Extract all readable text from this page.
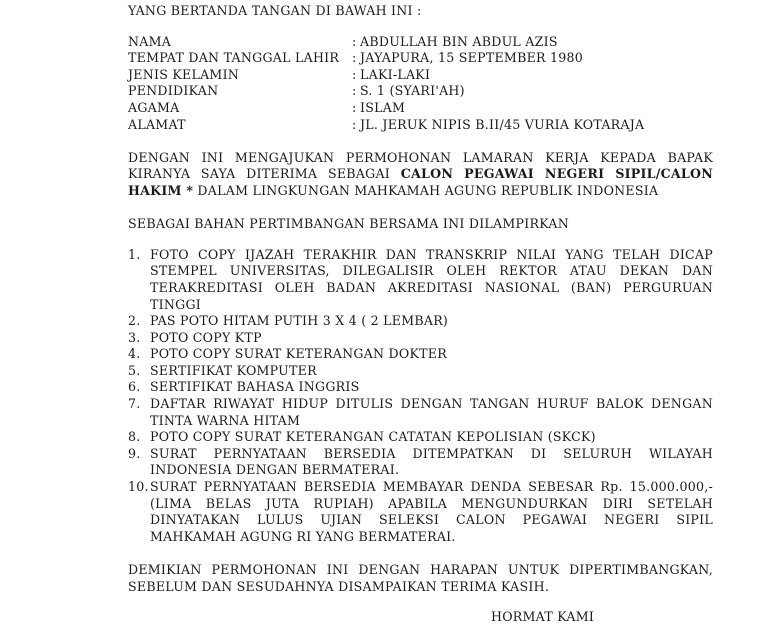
YANG BERTANDA TANGAN DI BAWAH INI :
NAMA	: ABDULLAH BIN ABDUL AZIS
TEMPAT DAN TANGGAL LAHIR	: JAYAPURA, 15 SEPTEMBER 1980
JENIS KELAMIN	: LAKI-LAKI
PENDIDIKAN	: S. 1 (SYARI'AH)
AGAMA	: ISLAM
ALAMAT	: JL. JERUK NIPIS B.II/45 VURIA KOTARAJA
DENGAN INI MENGAJUKAN PERMOHONAN LAMARAN KERJA KEPADA BAPAK KIRANYA SAYA DITERIMA SEBAGAI CALON PEGAWAI NEGERI SIPIL/CALON HAKIM * DALAM LINGKUNGAN MAHKAMAH AGUNG REPUBLIK INDONESIA
SEBAGAI BAHAN PERTIMBANGAN BERSAMA INI DILAMPIRKAN
1. FOTO COPY IJAZAH TERAKHIR DAN TRANSKRIP NILAI YANG TELAH DICAP STEMPEL UNIVERSITAS, DILEGALISIR OLEH REKTOR ATAU DEKAN DAN TERAKREDITASI OLEH BADAN AKREDITASI NASIONAL (BAN) PERGURUAN TINGGI
2. PAS POTO HITAM PUTIH 3 X 4 ( 2 LEMBAR)
3. POTO COPY KTP
4. POTO COPY SURAT KETERANGAN DOKTER
5. SERTIFIKAT KOMPUTER
6. SERTIFIKAT BAHASA INGGRIS
7. DAFTAR RIWAYAT HIDUP DITULIS DENGAN TANGAN HURUF BALOK DENGAN TINTA WARNA HITAM
8. POTO COPY SURAT KETERANGAN CATATAN KEPOLISIAN (SKCK)
9. SURAT PERNYATAAN BERSEDIA DITEMPATKAN DI SELURUH WILAYAH INDONESIA DENGAN BERMATERAI.
10. SURAT PERNYATAAN BERSEDIA MEMBAYAR DENDA SEBESAR Rp. 15.000.000,- (LIMA BELAS JUTA RUPIAH) APABILA MENGUNDURKAN DIRI SETELAH DINYATAKAN LULUS UJIAN SELEKSI CALON PEGAWAI NEGERI SIPIL MAHKAMAH AGUNG RI YANG BERMATERAI.
DEMIKIAN PERMOHONAN INI DENGAN HARAPAN UNTUK DIPERTIMBANGKAN, SEBELUM DAN SESUDAHNYA DISAMPAIKAN TERIMA KASIH.
HORMAT KAMI
